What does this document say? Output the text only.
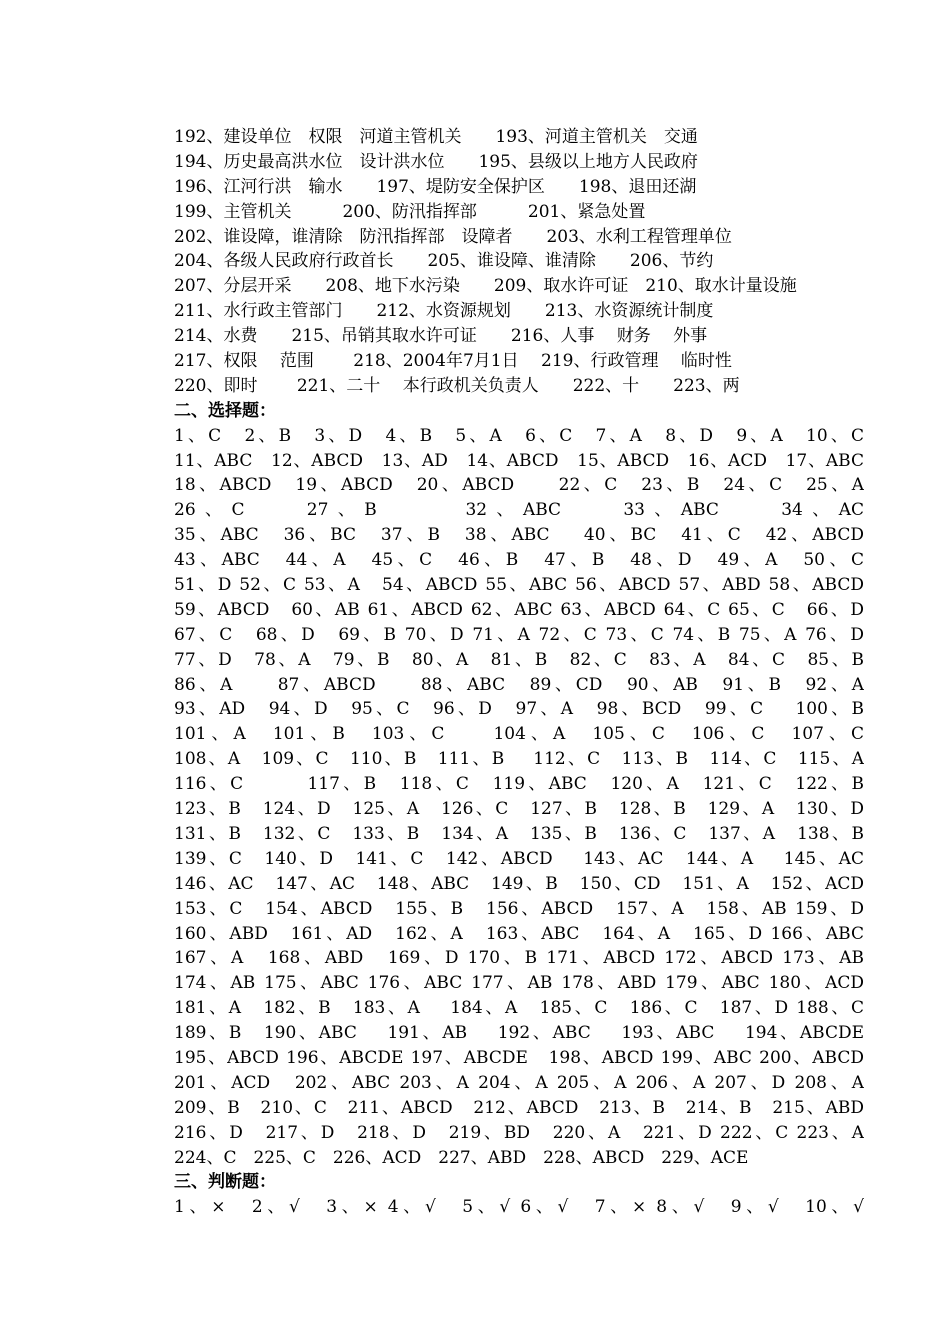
192、建设单位　权限　河道主管机关　　193、河道主管机关　交通
194、历史最高洪水位　设计洪水位　　195、县级以上地方人民政府
196、江河行洪　输水　　197、堤防安全保护区　　198、退田还湖
199、主管机关　　　200、防汛指挥部　　　201、紧急处置
202、谁设障，谁清除　防汛指挥部　设障者　　203、水利工程管理单位
204、各级人民政府行政首长　　205、谁设障、谁清除　　206、节约
207、分层开采　　208、地下水污染　　209、取水许可证　210、取水计量设施
211、水行政主管部门　　212、水资源规划　　213、水资源统计制度
214、水费　　215、吊销其取水许可证　　216、人事　 财务　 外事
217、权限　 范围　　 218、2004年7月1日　 219、行政管理　 临时性
220、即时　　 221、二十　 本行政机关负责人　　222、十　　223、两
二、选择题：
1、C　2、B　3、D　4、B　5、A　6、C　7、A　8、D　9、A　10、C
11、ABC　12、ABCD　13、AD　14、ABCD　15、ABCD　16、ACD　17、ABC
18、ABCD　19、ABCD　20、ABCD　　22、C　23、B　24、C　25、A
26、C　　27、B　　　32、ABC　　33、ABC　　34、AC
35、ABC　36、BC　37、B　38、ABC　 40、BC　41、C　42、ABCD
43、ABC　44、A　45、C　46、B　47、B　48、D　49、A　50、C
51、D 52、C 53、A　54、ABCD 55、ABC 56、ABCD 57、ABD 58、ABCD
59、ABCD　60、AB 61、ABCD 62、ABC 63、ABCD 64、C 65、C　66、D
67、C　68、D　69、B 70、D 71、A 72、C 73、C 74、B 75、A 76、D
77、D　78、A　79、B　80、A　81、B　82、C　83、A　84、C　85、B
86、A　　87、ABCD　　88、ABC　89、CD　90、AB　91、B　92、A
93、AD　94、D　95、C　96、D　97、A　98、BCD　99、C　 100、B
101、A　101、B　103、C　　104、A　105、C　106、C　107、C
108、A　109、C　110、B　111、B　 112、C　113、B　114、C　115、A
116、C　　　117、B　118、C　119、ABC　120、A　121、C　122、B
123、B　124、D　125、A　126、C　127、B　128、B　129、A　130、D
131、B　132、C　133、B　134、A　135、B　136、C　137、A　138、B
139、C　140、D　141、C　142、ABCD　 143、AC　144、A　 145、AC
146、AC　147、AC　148、ABC　149、B　150、CD　151、A　152、ACD
153、C　154、ABCD　155、B　156、ABCD　157、A　158、AB 159、D
160、ABD　161、AD　162、A　163、ABC　164、A　165、D 166、ABC
167、A　168、ABD　169、D 170、B 171、ABCD 172、ABCD 173、AB
174、AB 175、ABC 176、ABC 177、AB 178、ABD 179、ABC 180、ACD
181、A　182、B　183、A　 184、A　185、C　186、C　187、D 188、C
189、B　190、ABC　 191、AB　 192、ABC　 193、ABC　 194、ABCDE
195、ABCD 196、ABCDE 197、ABCDE　198、ABCD 199、ABC 200、ABCD
201、ACD　202、ABC 203、A 204、A 205、A 206、A 207、D 208、A
209、B　210、C　211、ABCD　212、ABCD　213、B　214、B　215、ABD
216、D　217、D　218、D　219、BD　220、A　221、D 222、C 223、A
224、C　225、C　226、ACD　227、ABD　228、ABCD　229、ACE
三、判断题：
1、×　2、√　3、× 4、√　5、√ 6、√　7、× 8、√　9、√　10、√
